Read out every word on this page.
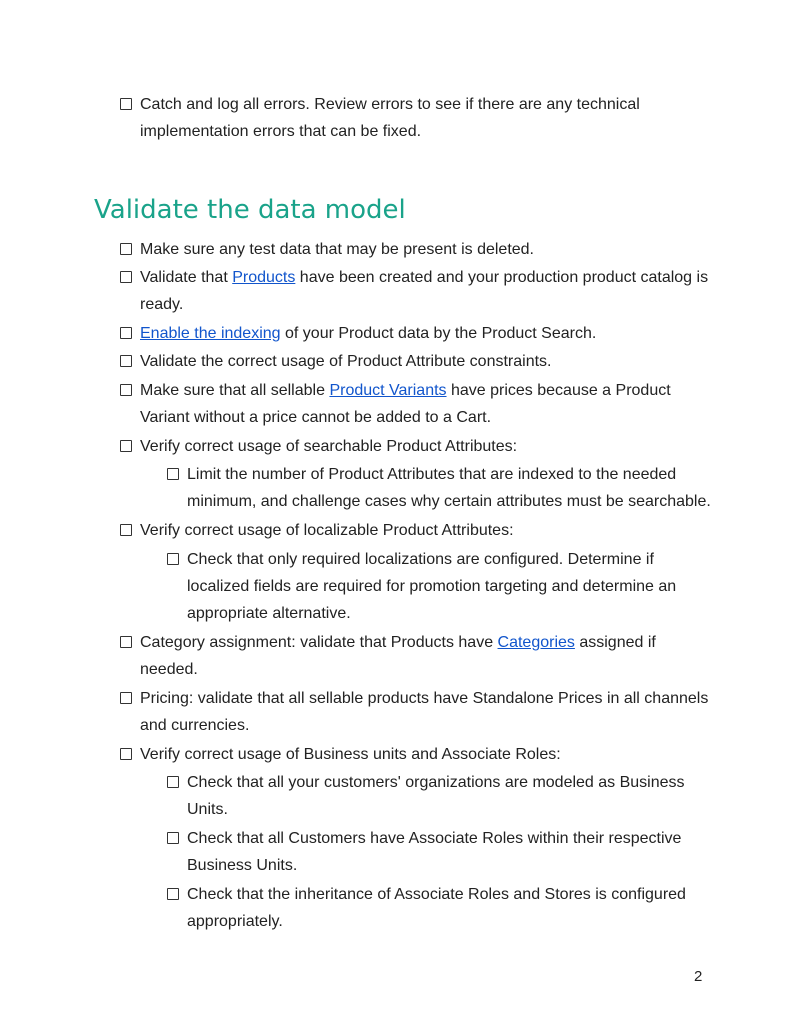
Catch and log all errors. Review errors to see if there are any technical implementation errors that can be fixed.
Validate the data model
Make sure any test data that may be present is deleted.
Validate that Products have been created and your production product catalog is ready.
Enable the indexing of your Product data by the Product Search.
Validate the correct usage of Product Attribute constraints.
Make sure that all sellable Product Variants have prices because a Product Variant without a price cannot be added to a Cart.
Verify correct usage of searchable Product Attributes:
Limit the number of Product Attributes that are indexed to the needed minimum, and challenge cases why certain attributes must be searchable.
Verify correct usage of localizable Product Attributes:
Check that only required localizations are configured. Determine if localized fields are required for promotion targeting and determine an appropriate alternative.
Category assignment: validate that Products have Categories assigned if needed.
Pricing: validate that all sellable products have Standalone Prices in all channels and currencies.
Verify correct usage of Business units and Associate Roles:
Check that all your customers' organizations are modeled as Business Units.
Check that all Customers have Associate Roles within their respective Business Units.
Check that the inheritance of Associate Roles and Stores is configured appropriately.
2
